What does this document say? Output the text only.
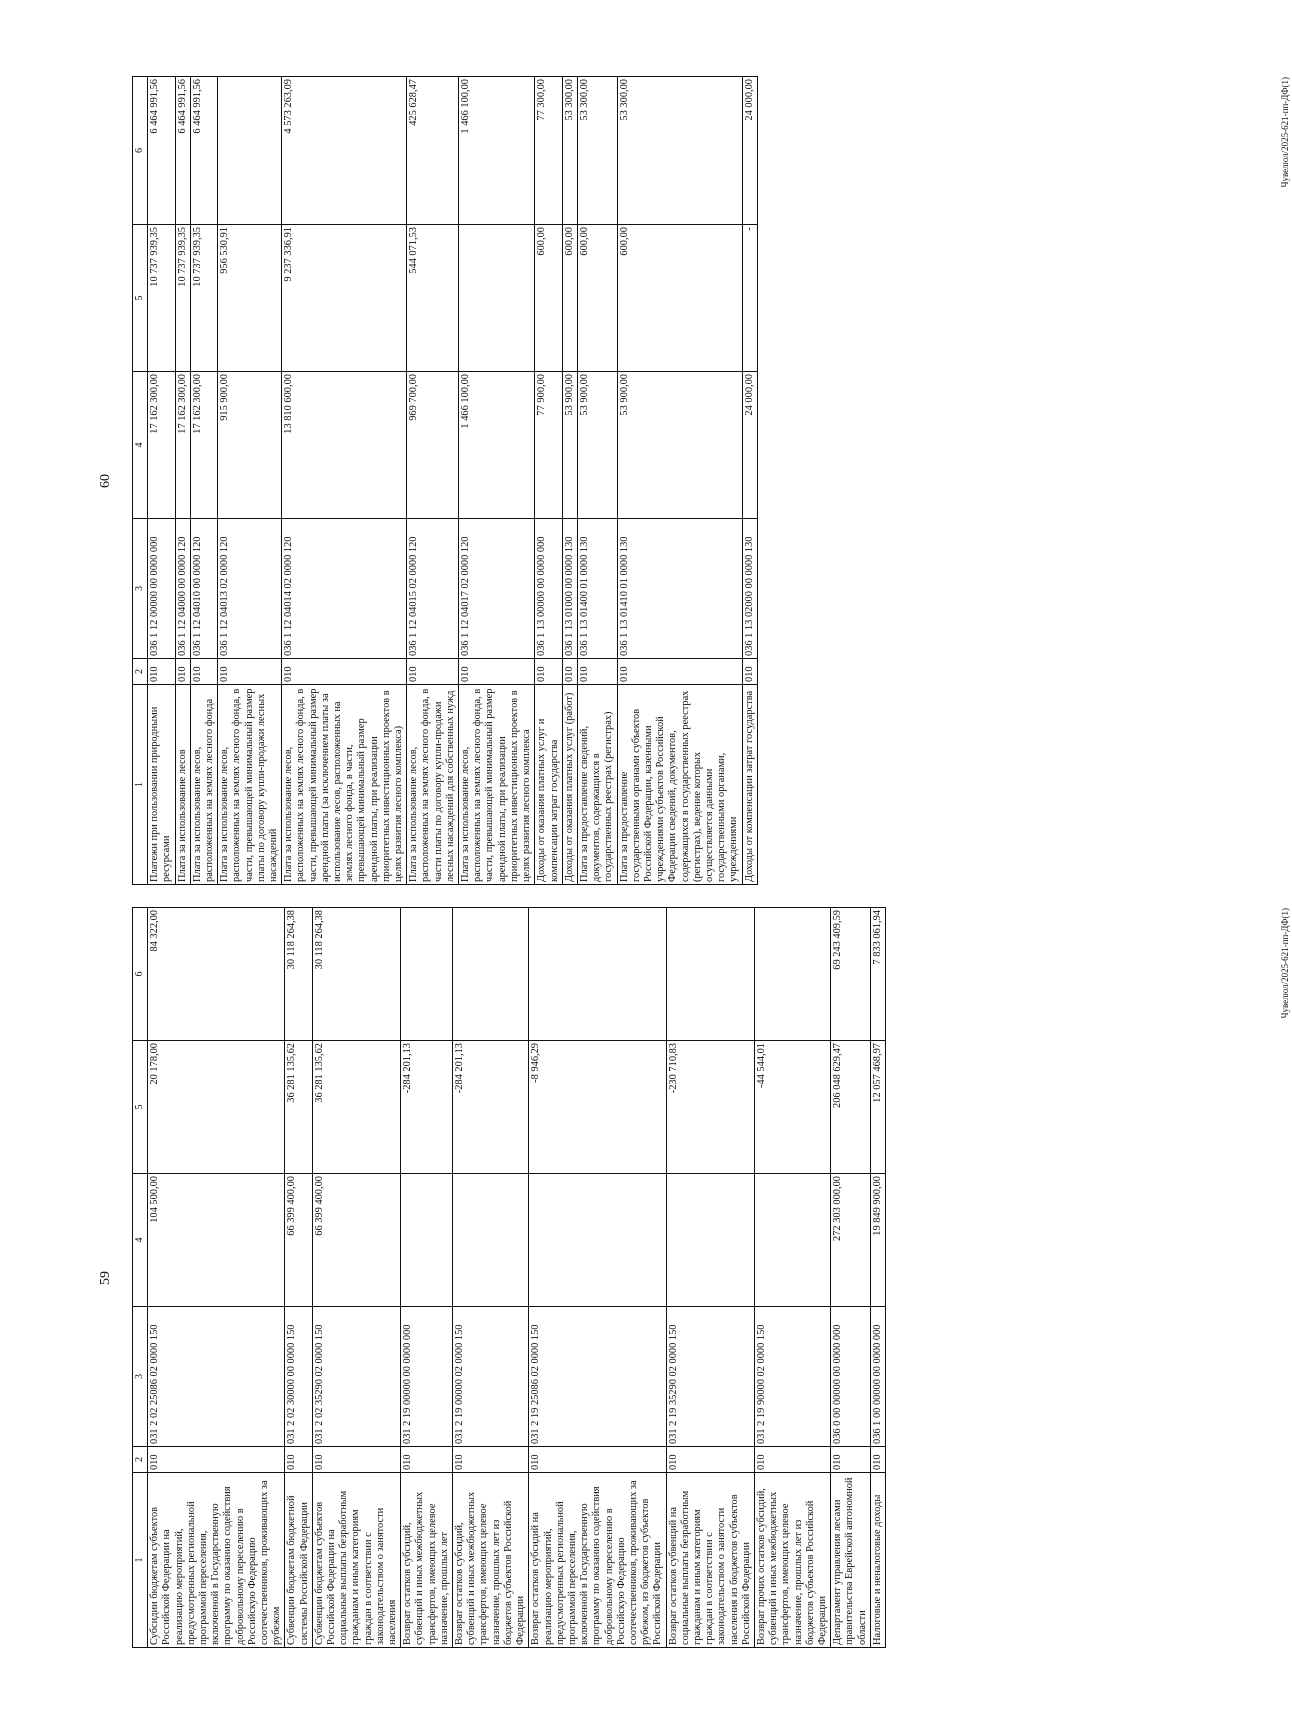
59
1	2	3	4	5	6
Субсидии бюджетам субъектов Российской Федерации на реализацию мероприятий, предусмотренных региональной программой переселения, включенной в Государственную программу по оказанию содействия добровольному переселению в Российскую Федерацию соотечественников, проживающих за рубежом	010	031 2 02 25086 02 0000 150	104 500,00	20 178,00	84 322,00
Субвенции бюджетам бюджетной системы Российской Федерации	010	031 2 02 30000 00 0000 150	66 399 400,00	36 281 135,62	30 118 264,38
Субвенции бюджетам субъектов Российской Федерации на социальные выплаты безработным гражданам и иным категориям граждан в соответствии с законодательством о занятости населения	010	031 2 02 35290 02 0000 150	66 399 400,00	36 281 135,62	30 118 264,38
Возврат остатков субсидий, субвенций и иных межбюджетных трансфертов, имеющих целевое назначение, прошлых лет	010	031 2 19 00000 00 0000 000		-284 201,13	
Возврат остатков субсидий, субвенций и иных межбюджетных трансфертов, имеющих целевое назначение, прошлых лет из бюджетов субъектов Российской Федерации	010	031 2 19 00000 02 0000 150		-284 201,13	
Возврат остатков субсидий на реализацию мероприятий, предусмотренных региональной программой переселения, включенной в Государственную программу по оказанию содействия добровольному переселению в Российскую Федерацию соотечественников, проживающих за рубежом, из бюджетов субъектов Российской Федерации	010	031 2 19 25086 02 0000 150		-8 946,29	
Возврат остатков субвенций на социальные выплаты безработным гражданам и иным категориям граждан в соответствии с законодательством о занятости населения из бюджетов субъектов Российской Федерации	010	031 2 19 35290 02 0000 150		-230 710,83	
Возврат прочих остатков субсидий, субвенций и иных межбюджетных трансфертов, имеющих целевое назначение, прошлых лет из бюджетов субъектов Российской Федерации	010	031 2 19 90000 02 0000 150		-44 544,01	
Департамент управления лесами правительства Еврейской автономной области	010	036 0 00 00000 00 0000 000	272 303 000,00	206 048 629,47	69 243 409,59
Налоговые и неналоговые доходы	010	036 1 00 00000 00 0000 000	19 849 900,00	12 057 468,97	7 833 061,94	Чувелюл/2025-621-пп-ДФ(1)
60
1	2	3	4	5	6
Платежи при пользовании природными ресурсами	010	036 1 12 00000 00 0000 000	17 162 300,00	10 737 939,35	6 464 991,56
Плата за использование лесов	010	036 1 12 04000 00 0000 120	17 162 300,00	10 737 939,35	6 464 991,56
Плата за использование лесов, расположенных на землях лесного фонда	010	036 1 12 04010 00 0000 120	17 162 300,00	10 737 939,35	6 464 991,56
Плата за использование лесов, расположенных на землях лесного фонда, в части, превышающей минимальный размер платы по договору купли-продажи лесных насаждений	010	036 1 12 04013 02 0000 120	915 900,00	956 530,91	
Плата за использование лесов, расположенных на землях лесного фонда, в части, превышающей минимальный размер арендной платы (за исключением платы за использование лесов, расположенных на землях лесного фонда, в части, превышающей минимальный размер арендной платы, при реализации приоритетных инвестиционных проектов в целях развития лесного комплекса)	010	036 1 12 04014 02 0000 120	13 810 600,00	9 237 336,91	4 573 263,09
Плата за использование лесов, расположенных на землях лесного фонда, в части платы по договору купли-продажи лесных насаждений для собственных нужд	010	036 1 12 04015 02 0000 120	969 700,00	544 071,53	425 628,47
Плата за использование лесов, расположенных на землях лесного фонда, в части, превышающей минимальный размер арендной платы, при реализации приоритетных инвестиционных проектов в целях развития лесного комплекса	010	036 1 12 04017 02 0000 120	1 466 100,00		1 466 100,00
Доходы от оказания платных услуг и компенсации затрат государства	010	036 1 13 00000 00 0000 000	77 900,00	600,00	77 300,00
Доходы от оказания платных услуг (работ)	010	036 1 13 01000 00 0000 130	53 900,00	600,00	53 300,00
Плата за предоставление сведений, документов, содержащихся в государственных реестрах (регистрах)	010	036 1 13 01400 01 0000 130	53 900,00	600,00	53 300,00
Плата за предоставление государственными органами субъектов Российской Федерации, казенными учреждениями субъектов Российской Федерации сведений, документов, содержащихся в государственных реестрах (регистрах), ведение которых осуществляется данными государственными органами, учреждениями	010	036 1 13 01410 01 0000 130	53 900,00	600,00	53 300,00
Доходы от компенсации затрат государства	010	036 1 13 02000 00 0000 130	24 000,00	-	24 000,00	Чувелюл/2025-621-пп-ДФ(1)
